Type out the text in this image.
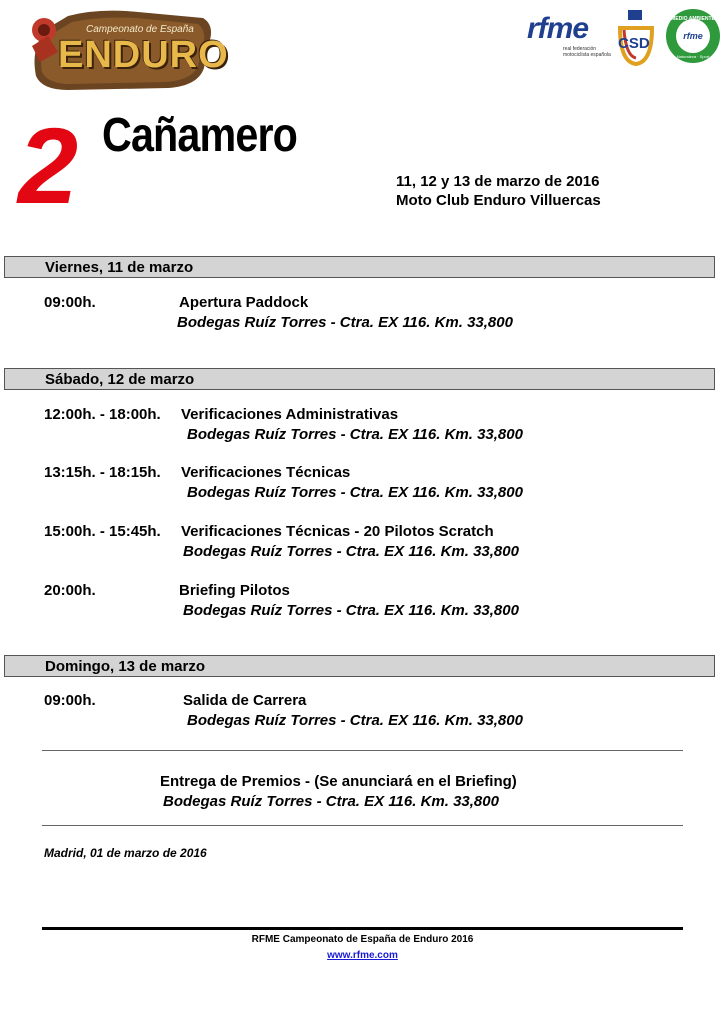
Campeonato de España
ENDURO
rfme
real federación
motociclista española
CSD
MEDIO AMBIENTE
rfme
Naturaleza · Sport
2 Cañamero
11, 12 y 13 de marzo de 2016
Moto Club Enduro Villuercas
Viernes, 11 de marzo
09:00h.	Apertura Paddock
Bodegas Ruíz Torres - Ctra. EX 116. Km. 33,800
Sábado, 12 de marzo
12:00h. - 18:00h. Verificaciones Administrativas
Bodegas Ruíz Torres - Ctra. EX 116. Km. 33,800
13:15h. - 18:15h. Verificaciones Técnicas
Bodegas Ruíz Torres - Ctra. EX 116. Km. 33,800
15:00h. - 15:45h. Verificaciones Técnicas - 20 Pilotos Scratch
Bodegas Ruíz Torres - Ctra. EX 116. Km. 33,800
20:00h.	Briefing Pilotos
Bodegas Ruíz Torres - Ctra. EX 116. Km. 33,800
Domingo, 13 de marzo
09:00h.	Salida de Carrera
Bodegas Ruíz Torres - Ctra. EX 116. Km. 33,800
Entrega de Premios - (Se anunciará en el Briefing)
Bodegas Ruíz Torres - Ctra. EX 116. Km. 33,800
Madrid, 01 de marzo de 2016
RFME Campeonato de España de Enduro 2016
www.rfme.com
